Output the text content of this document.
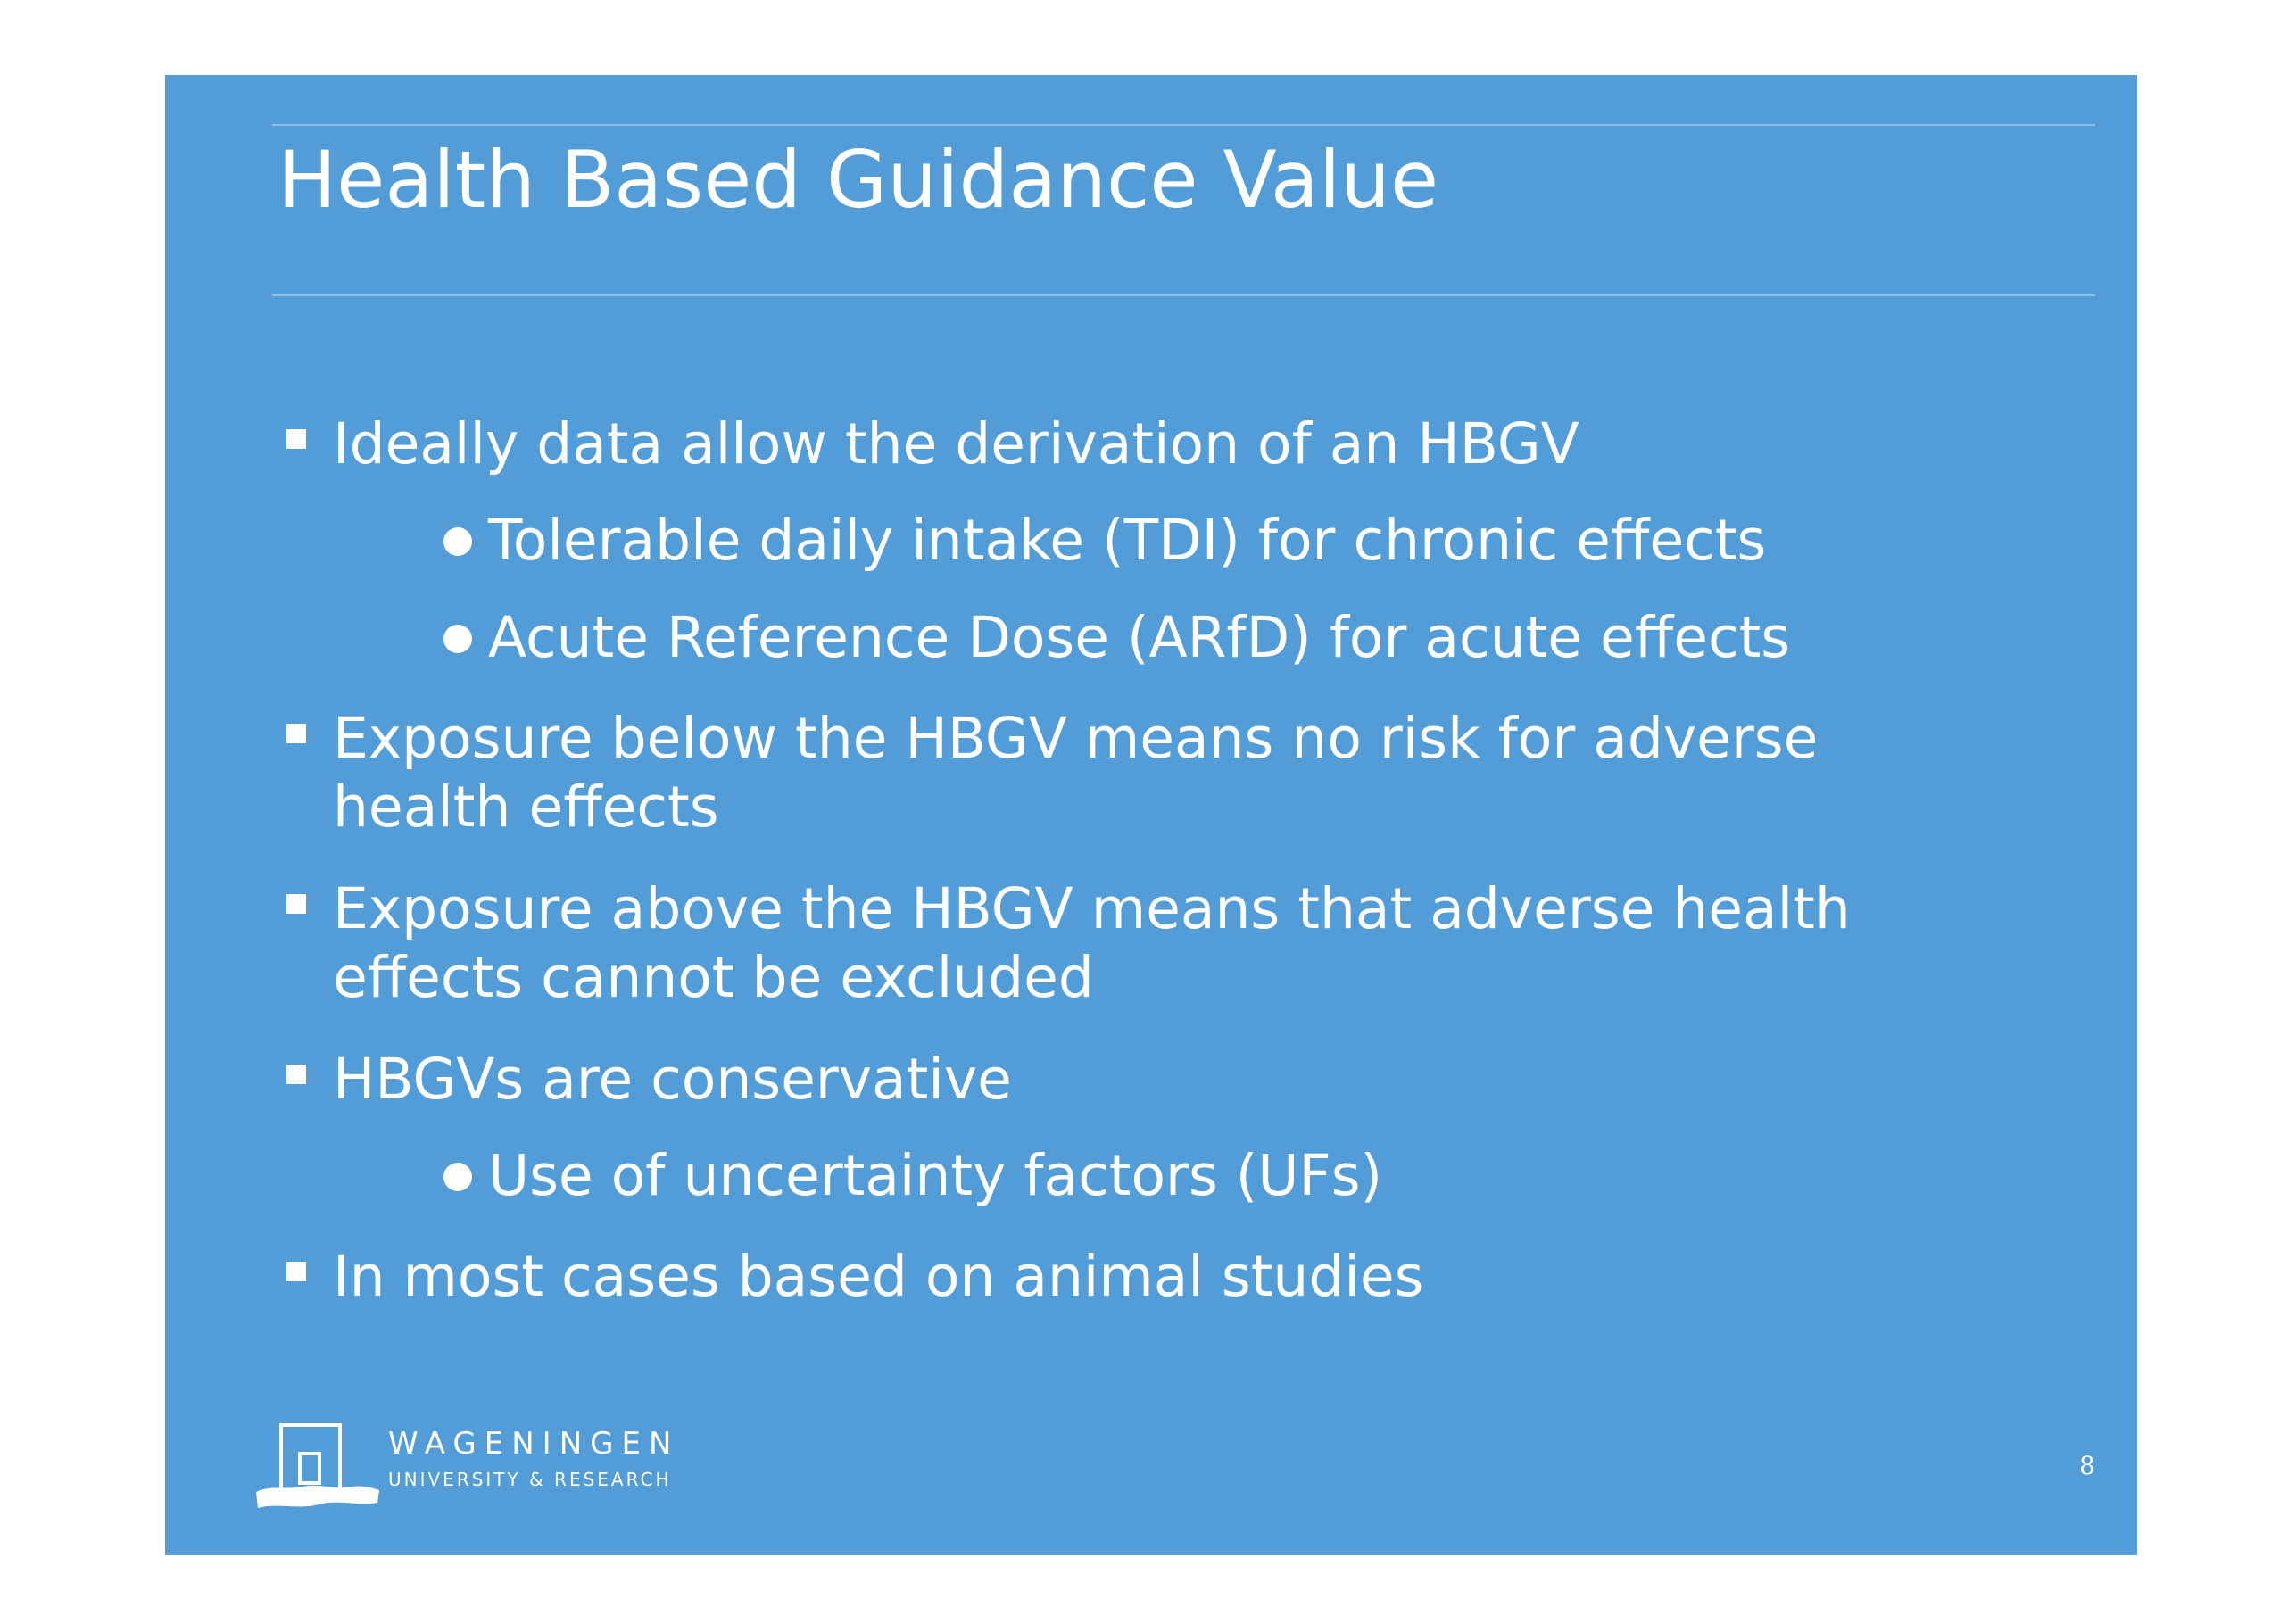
Health Based Guidance Value
Ideally data allow the derivation of an HBGV
Tolerable daily intake (TDI) for chronic effects
Acute Reference Dose (ARfD) for acute effects
Exposure below the HBGV means no risk for adverse
health effects
Exposure above the HBGV means that adverse health
effects cannot be excluded
HBGVs are conservative
Use of uncertainty factors (UFs)
In most cases based on animal studies
WAGENINGEN
UNIVERSITY & RESEARCH	8
